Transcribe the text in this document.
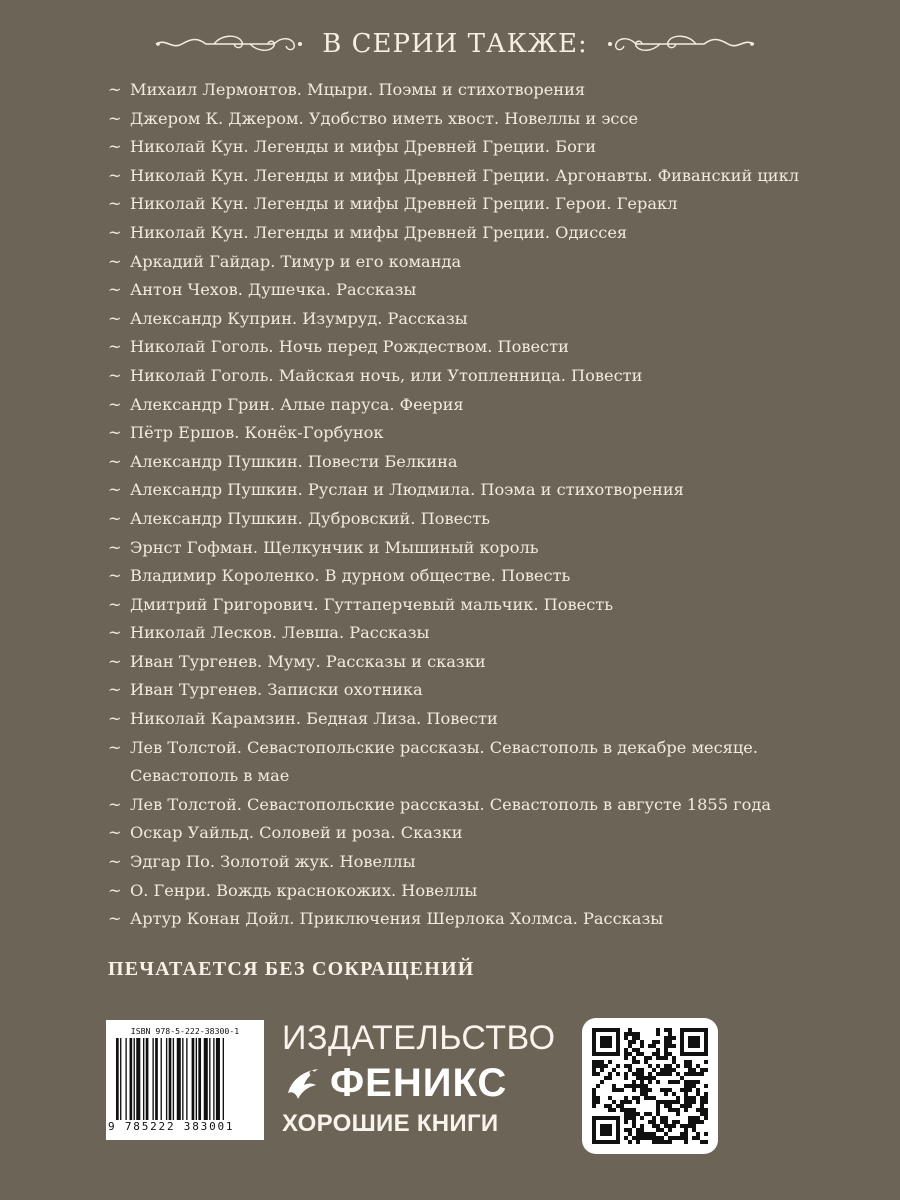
В СЕРИИ ТАКЖЕ:
~ Михаил Лермонтов. Мцыри. Поэмы и стихотворения
~ Джером К. Джером. Удобство иметь хвост. Новеллы и эссе
~ Николай Кун. Легенды и мифы Древней Греции. Боги
~ Николай Кун. Легенды и мифы Древней Греции. Аргонавты. Фиванский цикл
~ Николай Кун. Легенды и мифы Древней Греции. Герои. Геракл
~ Николай Кун. Легенды и мифы Древней Греции. Одиссея
~ Аркадий Гайдар. Тимур и его команда
~ Антон Чехов. Душечка. Рассказы
~ Александр Куприн. Изумруд. Рассказы
~ Николай Гоголь. Ночь перед Рождеством. Повести
~ Николай Гоголь. Майская ночь, или Утопленница. Повести
~ Александр Грин. Алые паруса. Феерия
~ Пётр Ершов. Конёк-Горбунок
~ Александр Пушкин. Повести Белкина
~ Александр Пушкин. Руслан и Людмила. Поэма и стихотворения
~ Александр Пушкин. Дубровский. Повесть
~ Эрнст Гофман. Щелкунчик и Мышиный король
~ Владимир Короленко. В дурном обществе. Повесть
~ Дмитрий Григорович. Гуттаперчевый мальчик. Повесть
~ Николай Лесков. Левша. Рассказы
~ Иван Тургенев. Муму. Рассказы и сказки
~ Иван Тургенев. Записки охотника
~ Николай Карамзин. Бедная Лиза. Повести
~ Лев Толстой. Севастопольские рассказы. Севастополь в декабре месяце. Севастополь в мае
~ Лев Толстой. Севастопольские рассказы. Севастополь в августе 1855 года
~ Оскар Уайльд. Соловей и роза. Сказки
~ Эдгар По. Золотой жук. Новеллы
~ О. Генри. Вождь краснокожих. Новеллы
~ Артур Конан Дойл. Приключения Шерлока Холмса. Рассказы
ПЕЧАТАЕТСЯ БЕЗ СОКРАЩЕНИЙ
ISBN 978-5-222-38300-1
9 785222 383001
ИЗДАТЕЛЬСТВО
ФЕНИКС
ХОРОШИЕ КНИГИ
